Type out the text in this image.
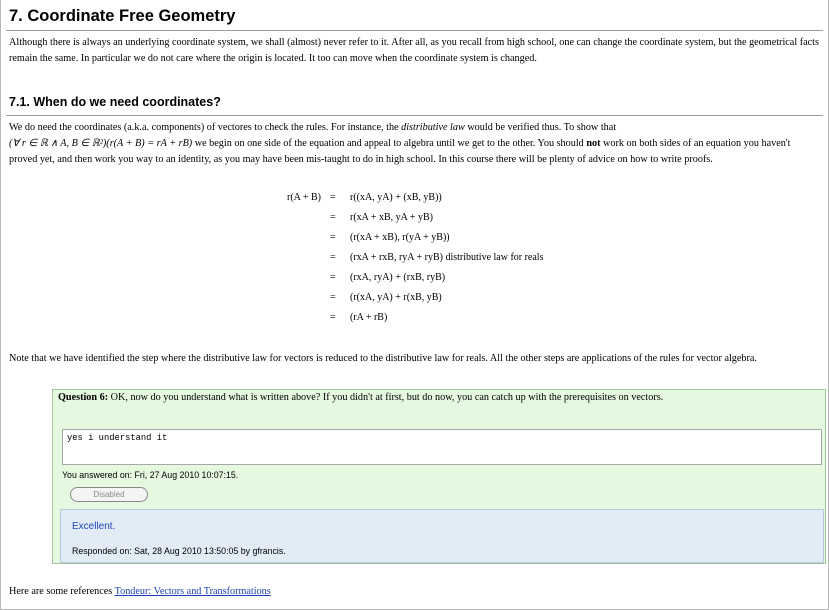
7. Coordinate Free Geometry
Although there is always an underlying coordinate system, we shall (almost) never refer to it. After all, as you recall from high school, one can change the coordinate system, but the geometrical facts remain the same. In particular we do not care where the origin is located. It too can move when the coordinate system is changed.
7.1. When do we need coordinates?
We do need the coordinates (a.k.a. components) of vectores to check the rules. For instance, the distributive law would be verified thus. To show that
(∀ r ∈ ℝ ∧ A, B ∈ ℝ²)(r(A + B) = rA + rB) we begin on one side of the equation and appeal to algebra until we get to the other. You should not work on both sides of an equation you haven't proved yet, and then work you way to an identity, as you may have been mis-taught to do in high school. In this course there will be plenty of advice on how to write proofs.
r(A + B) = r((xA, yA) + (xB, yB))
= r(xA + xB, yA + yB)
= (r(xA + xB), r(yA + yB))
= (rxA + rxB, ryA + ryB) distributive law for reals
= (rxA, ryA) + (rxB, ryB)
= (r(xA, yA) + r(xB, yB)
= (rA + rB)
Note that we have identified the step where the distributive law for vectors is reduced to the distributive law for reals. All the other steps are applications of the rules for vector algebra.
Question 6: OK, now do you understand what is written above? If you didn't at first, but do now, you can catch up with the prerequisites on vectors.
yes i understand it
You answered on: Fri, 27 Aug 2010 10:07:15.
Disabled
Excellent.
Responded on: Sat, 28 Aug 2010 13:50:05 by gfrancis.
Here are some references Tondeur: Vectors and Transformations
